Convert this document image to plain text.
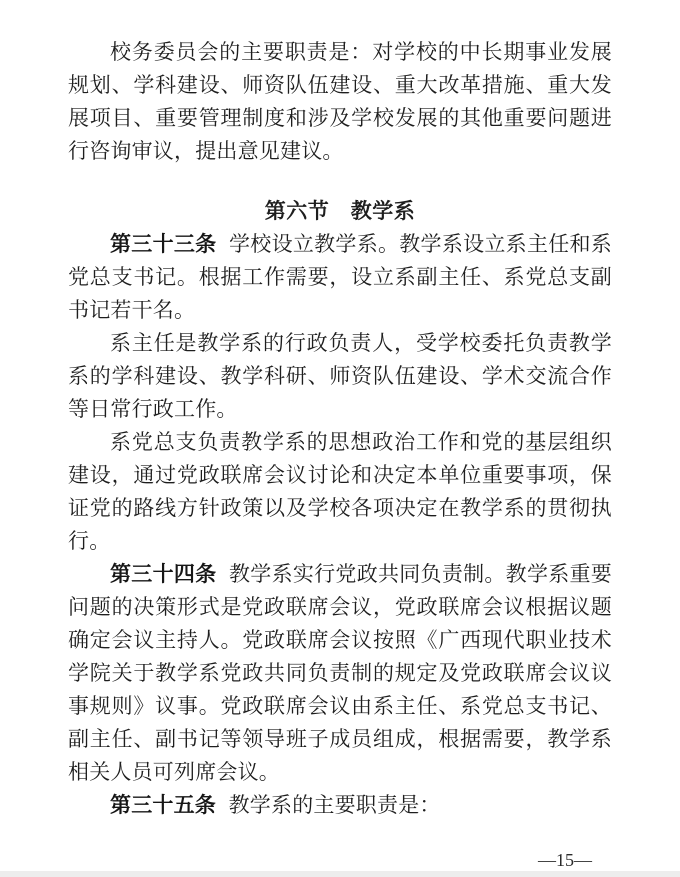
校务委员会的主要职责是：对学校的中长期事业发展规划、学科建设、师资队伍建设、重大改革措施、重大发展项目、重要管理制度和涉及学校发展的其他重要问题进行咨询审议，提出意见建议。

第六节　教学系

第三十三条 学校设立教学系。教学系设立系主任和系党总支书记。根据工作需要，设立系副主任、系党总支副书记若干名。

系主任是教学系的行政负责人，受学校委托负责教学系的学科建设、教学科研、师资队伍建设、学术交流合作等日常行政工作。

系党总支负责教学系的思想政治工作和党的基层组织建设，通过党政联席会议讨论和决定本单位重要事项，保证党的路线方针政策以及学校各项决定在教学系的贯彻执行。

第三十四条 教学系实行党政共同负责制。教学系重要问题的决策形式是党政联席会议，党政联席会议根据议题确定会议主持人。党政联席会议按照《广西现代职业技术学院关于教学系党政共同负责制的规定及党政联席会议议事规则》议事。党政联席会议由系主任、系党总支书记、副主任、副书记等领导班子成员组成，根据需要，教学系相关人员可列席会议。

第三十五条 教学系的主要职责是：

—15—
